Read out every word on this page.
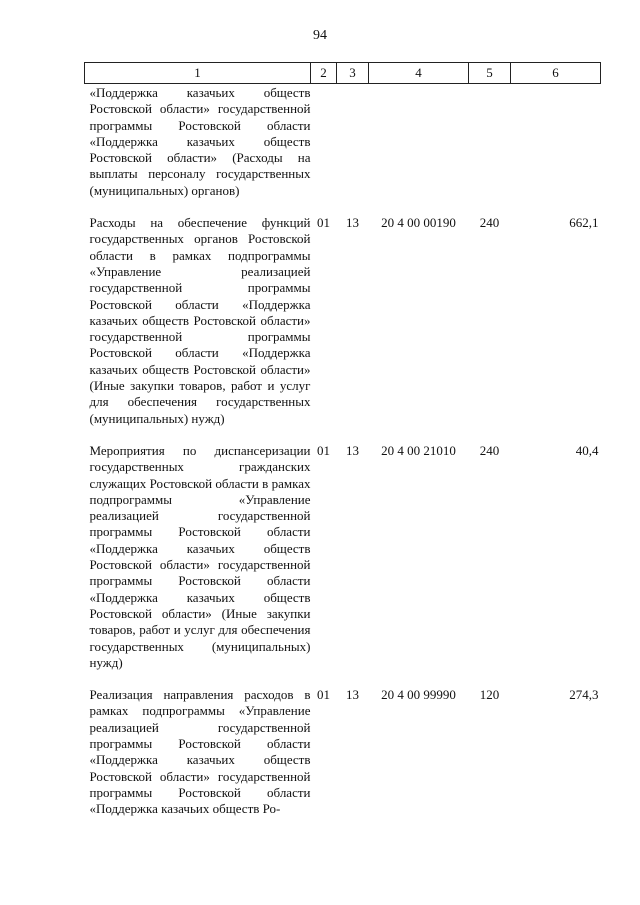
94
1	2	3	4	5	6

«Поддержка казачьих обществ Ростовской области» государственной программы Ростовской области «Поддержка казачьих обществ Ростовской области» (Расходы на выплаты персоналу государственных (муниципальных) органов)					

Расходы на обеспечение функций государственных органов Ростовской области в рамках подпрограммы «Управление реализацией государственной программы Ростовской области «Поддержка казачьих обществ Ростовской области» государственной программы Ростовской области «Поддержка казачьих обществ Ростовской области» (Иные закупки товаров, работ и услуг для обеспечения государственных (муниципальных) нужд)	01	13	20 4 00 00190	240	662,1

Мероприятия по диспансеризации государственных гражданских служащих Ростовской области в рамках подпрограммы «Управление реализацией государственной программы Ростовской области «Поддержка казачьих обществ Ростовской области» государственной программы Ростовской области «Поддержка казачьих обществ Ростовской области» (Иные закупки товаров, работ и услуг для обеспечения государственных (муниципальных) нужд)	01	13	20 4 00 21010	240	40,4

Реализация направления расходов в рамках подпрограммы «Управление реализацией государственной программы Ростовской области «Поддержка казачьих обществ Ростовской области» государственной программы Ростовской области «Поддержка казачьих обществ Ро-	01	13	20 4 00 99990	120	274,3
